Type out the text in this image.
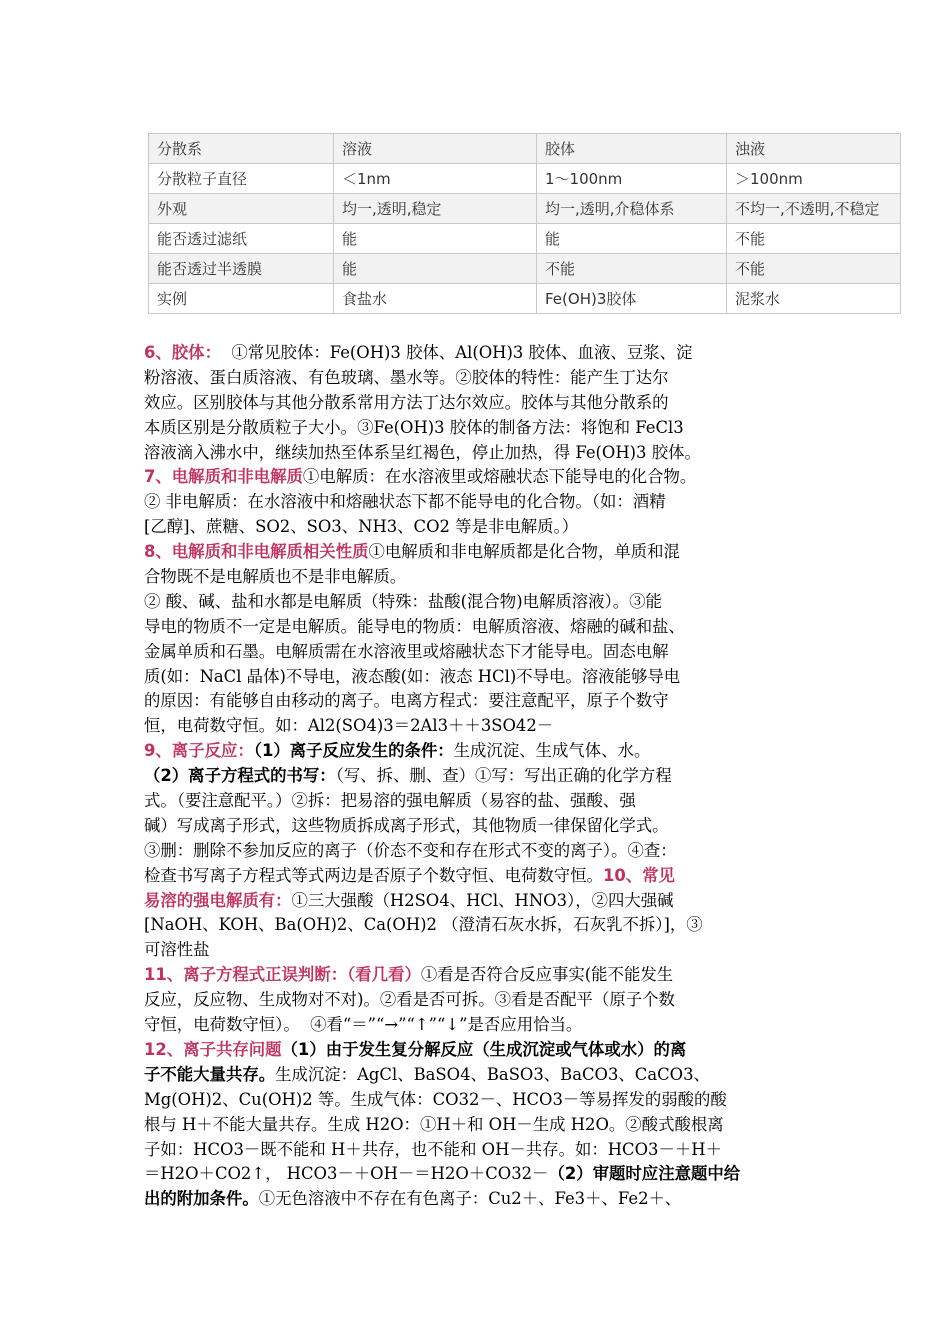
分散系	溶液	胶体	浊液
分散粒子直径	＜1nm	1～100nm	＞100nm
外观	均一,透明,稳定	均一,透明,介稳体系	不均一,不透明,不稳定
能否透过滤纸	能	能	不能
能否透过半透膜	能	不能	不能
实例	食盐水	Fe(OH)3胶体	泥浆水
6、胶体：  ①常见胶体：Fe(OH)3 胶体、Al(OH)3 胶体、血液、豆浆、淀
粉溶液、蛋白质溶液、有色玻璃、墨水等。②胶体的特性：能产生丁达尔
效应。区别胶体与其他分散系常用方法丁达尔效应。胶体与其他分散系的
本质区别是分散质粒子大小。③Fe(OH)3 胶体的制备方法：将饱和 FeCl3
溶液滴入沸水中，继续加热至体系呈红褐色，停止加热，得 Fe(OH)3 胶体。
7、电解质和非电解质①电解质：在水溶液里或熔融状态下能导电的化合物。
② 非电解质：在水溶液中和熔融状态下都不能导电的化合物。（如：酒精
[乙醇]、蔗糖、SO2、SO3、NH3、CO2 等是非电解质。）
8、电解质和非电解质相关性质①电解质和非电解质都是化合物，单质和混
合物既不是电解质也不是非电解质。
② 酸、碱、盐和水都是电解质（特殊：盐酸(混合物)电解质溶液）。③能
导电的物质不一定是电解质。能导电的物质：电解质溶液、熔融的碱和盐、
金属单质和石墨。电解质需在水溶液里或熔融状态下才能导电。固态电解
质(如：NaCl 晶体)不导电，液态酸(如：液态 HCl)不导电。溶液能够导电
的原因：有能够自由移动的离子。电离方程式：要注意配平，原子个数守
恒，电荷数守恒。如：Al2(SO4)3＝2Al3＋＋3SO42－
9、离子反应：（1）离子反应发生的条件：生成沉淀、生成气体、水。
（2）离子方程式的书写：（写、拆、删、查）①写：写出正确的化学方程
式。（要注意配平。）②拆：把易溶的强电解质（易容的盐、强酸、强
碱）写成离子形式，这些物质拆成离子形式，其他物质一律保留化学式。
③删：删除不参加反应的离子（价态不变和存在形式不变的离子）。④查：
检查书写离子方程式等式两边是否原子个数守恒、电荷数守恒。10、常见
易溶的强电解质有：①三大强酸（H2SO4、HCl、HNO3），②四大强碱
[NaOH、KOH、Ba(OH)2、Ca(OH)2 （澄清石灰水拆，石灰乳不拆）]，③
可溶性盐
11、离子方程式正误判断：（看几看）①看是否符合反应事实(能不能发生
反应，反应物、生成物对不对)。②看是否可拆。③看是否配平（原子个数
守恒，电荷数守恒）。  ④看“＝”“→”“↑”“↓”是否应用恰当。
12、离子共存问题（1）由于发生复分解反应（生成沉淀或气体或水）的离
子不能大量共存。生成沉淀：AgCl、BaSO4、BaSO3、BaCO3、CaCO3、
Mg(OH)2、Cu(OH)2 等。生成气体：CO32－、HCO3－等易挥发的弱酸的酸
根与 H＋不能大量共存。生成 H2O：①H＋和 OH－生成 H2O。②酸式酸根离
子如：HCO3－既不能和 H＋共存，也不能和 OH－共存。如：HCO3－＋H＋
＝H2O＋CO2↑， HCO3－＋OH－＝H2O＋CO32－（2）审题时应注意题中给
出的附加条件。①无色溶液中不存在有色离子：Cu2＋、Fe3＋、Fe2＋、
